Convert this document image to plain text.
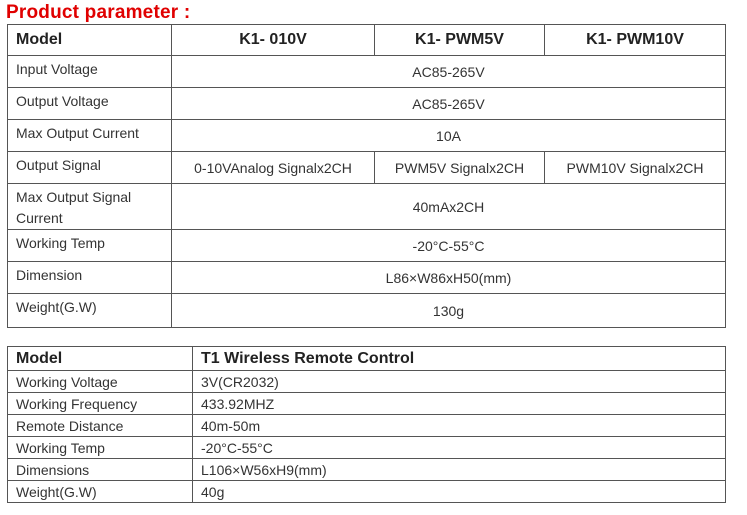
Product parameter :
Model	K1- 010V	K1- PWM5V	K1- PWM10V
Input Voltage	AC85-265V		
Output Voltage	AC85-265V		
Max Output Current	10A		
Output Signal	0-10VAnalog Signalx2CH	PWM5V Signalx2CH	PWM10V Signalx2CH
Max Output Signal Current	40mAx2CH		
Working Temp	-20°C-55°C		
Dimension	L86×W86xH50(mm)		
Weight(G.W)	130g		
Model	T1 Wireless Remote Control
Working Voltage	3V(CR2032)
Working Frequency	433.92MHZ
Remote Distance	40m-50m
Working Temp	-20°C-55°C
Dimensions	L106×W56xH9(mm)
Weight(G.W)	40g
